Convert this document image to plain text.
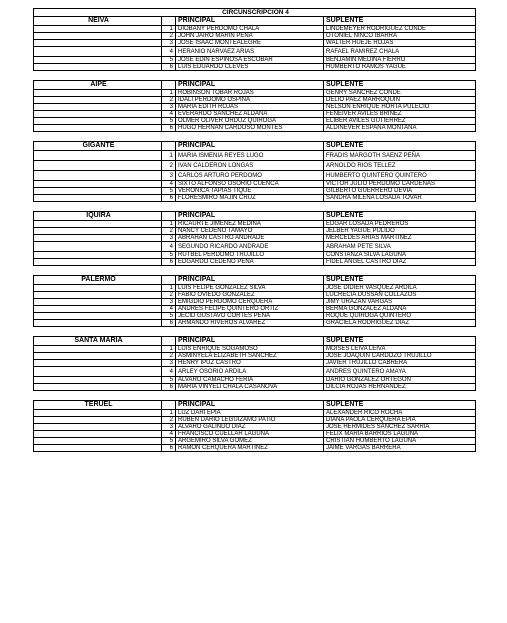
CIRCUNSCRIPCIÓN 4			
NEIVA		PRINCIPAL	SUPLENTE
	1	DIOBANY PERDOMO CHALA	LINDEMEYER RODRIGUEZ CONDE
	2	JOHN JAIRO MARIN PEÑA	OTONIEL NINCO IBARRA
	3	JOSE ISAAC MONTEALEGRE	WALTER HUEJE ROJAS
	4	HERANIO NARVAEZ ARIAS	RAFAEL RAMIREZ CHALA
	5	JOSE EDIN ESPINOSA ESCOBAR	BENJAMIN MEDINA FIERRO
	6	LUIS EDUARDO CLEVES	HUMBERTO RAMOS YAGUE

AIPE		PRINCIPAL	SUPLENTE
	1	ROBINSON TOBAR ROJAS	GENRY SANCHEZ CONDE
	2	IDALI PERDOMO OSPINA	DELIO PAEZ MARROQUIN
	3	MARIA EDITH ROJAS	NELSON ENRIQUE HORTA PULECIO
	4	EVERARDO SANCHEZ ALDANA	FENEIVER AVILES BRIÑEZ
	5	OLMER OLIVER ORDUZ QUIROGA	ELIBER AVILES GUTIERREZ
	6	HUGO HERNAN CARDOSO MONTES	ALDINEVER ESPAÑA MONTAÑA

GIGANTE		PRINCIPAL	SUPLENTE
	1	MARIA ISMENIA REYES LUGO	FRADIS MARGOTH SAENZ PEÑA
	2	IVAN CALDERON LONGAS	ARNOLDO RIOS TELLEZ
	3	CARLOS ARTURO PERDOMO	HUMBERTO QUINTERO QUINTERO
	4	SIXTO ALFONSO OSORIO CUENCA	VICTOR JULIO PERDOMO CARDENAS
	5	VERONICA TAPIAS TIQUE	GILBERTO GUERRERO DEVIA
	6	FLORESMIRO MAJIN CRUZ	SANDRA MILENA LOSADA TOVAR

IQUIRA		PRINCIPAL	SUPLENTE
	1	RICAURTE JIMENEZ MEDINA	EDGAR LOSADA PEDREROS
	2	NANCY CEDEÑO TAMAYO	JELBER YAGUE PULIDO
	3	ABRAHAN CASTRO ANDRADE	MERCEDES ARIAS MARTINEZ
	4	SEGUNDO RICARDO ANDRADE	ABRAHAM PETE SILVA
	5	RUTBEL PERDOMO TRUJILLO	CONSTANZA SILVA LAGUNA
	6	EDGARDO CEDEÑO PEÑA	FIDEL ANGEL CASTRO DIAZ

PALERMO		PRINCIPAL	SUPLENTE
	1	LUIS FELIPE GONZALEZ SILVA	JOSE DIDIER VASQUEZ ARDILA
	2	FABIO OVIEDO GONZALEZ	LUCRECIA DUSSAN COLLAZOS
	3	EMIGDIO PERDOMO CERQUERA	JIMY URAZAN VARGAS
	4	ANDRES FELIPE QUINTERO ORTIZ	BERMA GONZALEZ ALDANA
	5	JECID GUSTAVO CORTES PEÑA	ROQUE QUIROGA QUINTERO
	6	ARMANDO RIVEROS ALVAREZ	GRACIELA RODRIGUEZ DIAZ

SANTA MARÍA		PRINCIPAL	SUPLENTE
	1	LUIS ENRIQUE SOGAMOSO	MOISES LEIVA LEIVA
	2	ASMINYELA ELIZABETH SANCHEZ	JOSE JOAQUIN CARDOZO TRUJILLO
	3	HENRY IPUZ CASTRO	JAVIER TRUJILLO CABRERA
	4	ARLEY OSORIO ARDILA	ANDRES QUINTERO AMAYA
	5	ALVARO CAMACHO FERIA	DARIO GONZALEZ ORTEGON
	6	MARIA VINYELI CHALA CASANOVA	DILCIA ROJAS HERNANDEZ

TERUEL		PRINCIPAL	SUPLENTE
	1	LUZ DARI EPIA	ALEXANDER RICO ROCHA
	2	RUBEN DARIO LEGUIZAMO PATIO	DIANA PAOLA CERQUERA EPIA
	3	ALVARO GALINDO DIAZ	JOSE HERMIDES SANCHEZ SARRIA
	4	FRANCISCO CUELLAR LAGUNA	FELIX MARIA BARRIOS LAGUNA
	5	ARGEMIRO SILVA GOMEZ	CRISTIAN HUMBERTO LAGUNA
	6	RAMON CERQUERA MARTINEZ	JAIME VARGAS BARRERA
